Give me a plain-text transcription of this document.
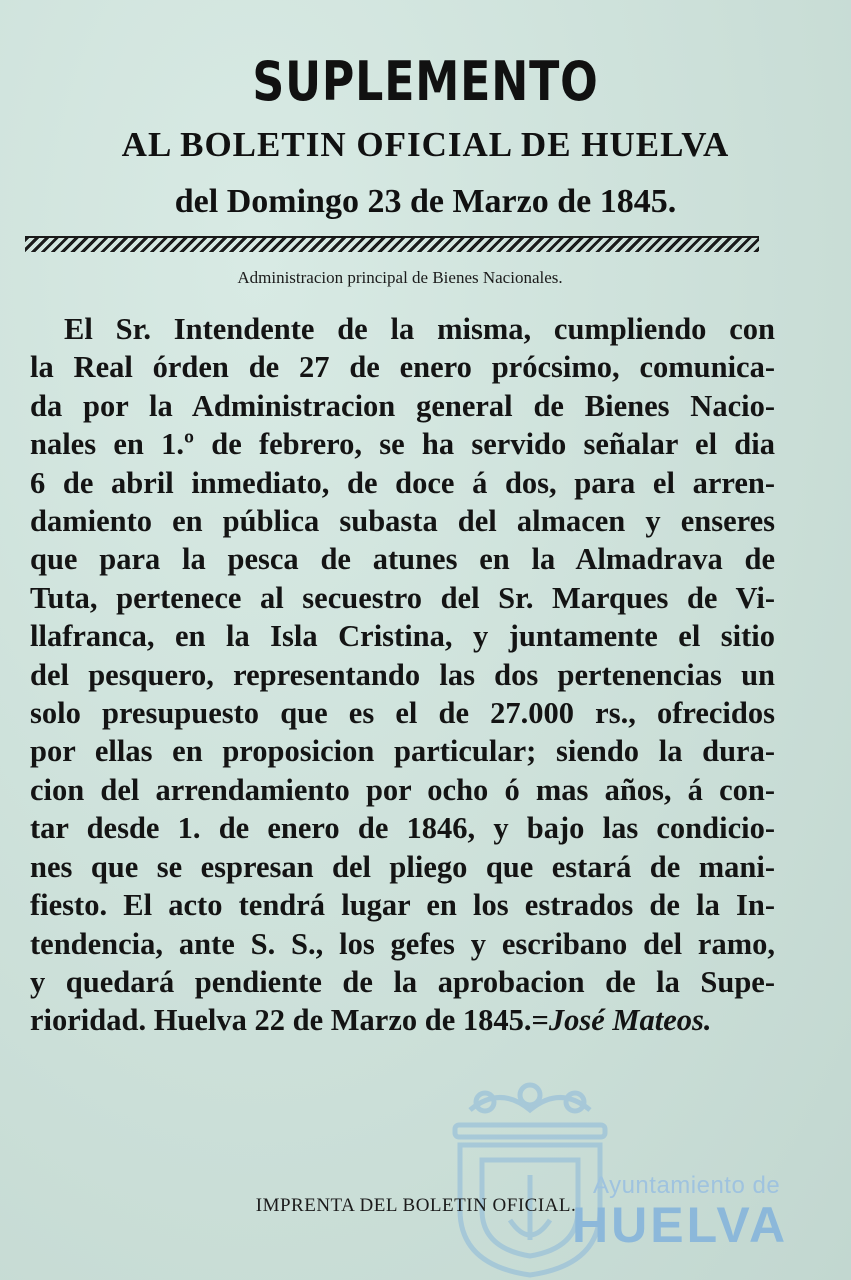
SUPLEMENTO
AL BOLETIN OFICIAL DE HUELVA
del Domingo 23 de Marzo de 1845.
Administracion principal de Bienes Nacionales.
El Sr. Intendente de la misma, cumpliendo con
la Real órden de 27 de enero prócsimo, comunica-
da por la Administracion general de Bienes Nacio-
nales en 1.º de febrero, se ha servido señalar el dia
6 de abril inmediato, de doce á dos, para el arren-
damiento en pública subasta del almacen y enseres
que para la pesca de atunes en la Almadrava de
Tuta, pertenece al secuestro del Sr. Marques de Vi-
llafranca, en la Isla Cristina, y juntamente el sitio
del pesquero, representando las dos pertenencias un
solo presupuesto que es el de 27.000 rs., ofrecidos
por ellas en proposicion particular; siendo la dura-
cion del arrendamiento por ocho ó mas años, á con-
tar desde 1. de enero de 1846, y bajo las condicio-
nes que se espresan del pliego que estará de mani-
fiesto. El acto tendrá lugar en los estrados de la In-
tendencia, ante S. S., los gefes y escribano del ramo,
y quedará pendiente de la aprobacion de la Supe-
rioridad. Huelva 22 de Marzo de 1845.=José Mateos.
Ayuntamiento de
HUELVA
IMPRENTA DEL BOLETIN OFICIAL.
